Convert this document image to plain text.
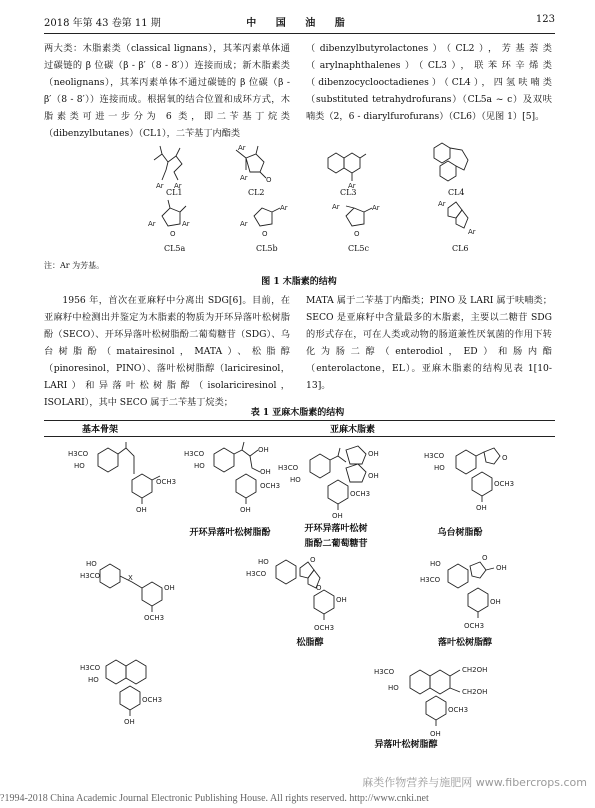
2018 年第 43 卷第 11 期	中 国 油 脂	123
两大类：木脂素类（classical lignans），其苯丙素单体通过碳链的 β 位碳（β - β′（8 - 8′））连接而成；新木脂素类（neolignans），其苯丙素单体不通过碳链的 β 位碳（β - β′（8 - 8′））连接而成。根据氧的结合位置和成环方式，木脂素类可进一步分为 6 类，即二苄基丁烷类（dibenzylbutanes）（CL1），二苄基丁内酯类
（dibenzylbutyrolactones）（CL2），芳基萘类（arylnaphthalenes）（CL3），联苯环辛烯类（dibenzocyclooctadienes）（CL4），四氢呋喃类（substituted tetrahydrofurans）（CL5a ~ c）及双呋喃类（2，6 - diarylfurofurans）（CL6）（见图 1）[5]。
Ar Ar
O
Ar
Ar
Ar
Ar	Ar
O
Ar
Ar
O
Ar	Ar
O
Ar
Ar
CL1	CL2	CL3	CL4
CL5a	CL5b	CL5c	CL6
注：Ar 为芳基。
图 1 木脂素的结构
1956 年，首次在亚麻籽中分离出 SDG[6]。目前，在亚麻籽中检测出并鉴定为木脂素的物质为开环异落叶松树脂酚（SECO）、开环异落叶松树脂酚二葡萄糖苷（SDG）、乌台树脂酚（matairesinol，MATA）、松脂醇（pinoresinol，PINO）、落叶松树脂醇（lariciresinol，LARI）和异落叶松树脂醇（isolariciresinol，ISOLARI），其中 SECO 属于二苄基丁烷类；
MATA 属于二苄基丁内酯类；PINO 及 LARI 属于呋喃类；SECO 是亚麻籽中含量最多的木脂素，主要以二糖苷 SDG 的形式存在，可在人类或动物的肠道兼性厌氧菌的作用下转化为肠二醇（enterodiol，ED）和肠内酯（enterolactone，EL）。亚麻木脂素的结构见表 1[10-13]。
表 1 亚麻木脂素的结构
基本骨架	亚麻木脂素
H3CO
HO
OCH3
OH
H3CO
HO
OH
OH
OCH3
OH
H3CO
HO
OH
OH
OCH3
OH
H3CO
HO
O
OCH3
OH
HO
H3CO	X
OH
OCH3
HO
H3CO
O
O
OH
OCH3
HO
H3CO
O
OH
OH
OCH3
H3CO
HO
OCH3
OH
H3CO
HO
CH2OH
CH2OH
OCH3
OH
开环异落叶松树脂酚	开环异落叶松树
脂酚二葡萄糖苷
乌台树脂酚
松脂醇	落叶松树脂醇
异落叶松树脂醇
麻类作物营养与施肥网 www.fibercrops.com
?1994-2018 China Academic Journal Electronic Publishing House. All rights reserved. http://www.cnki.net
